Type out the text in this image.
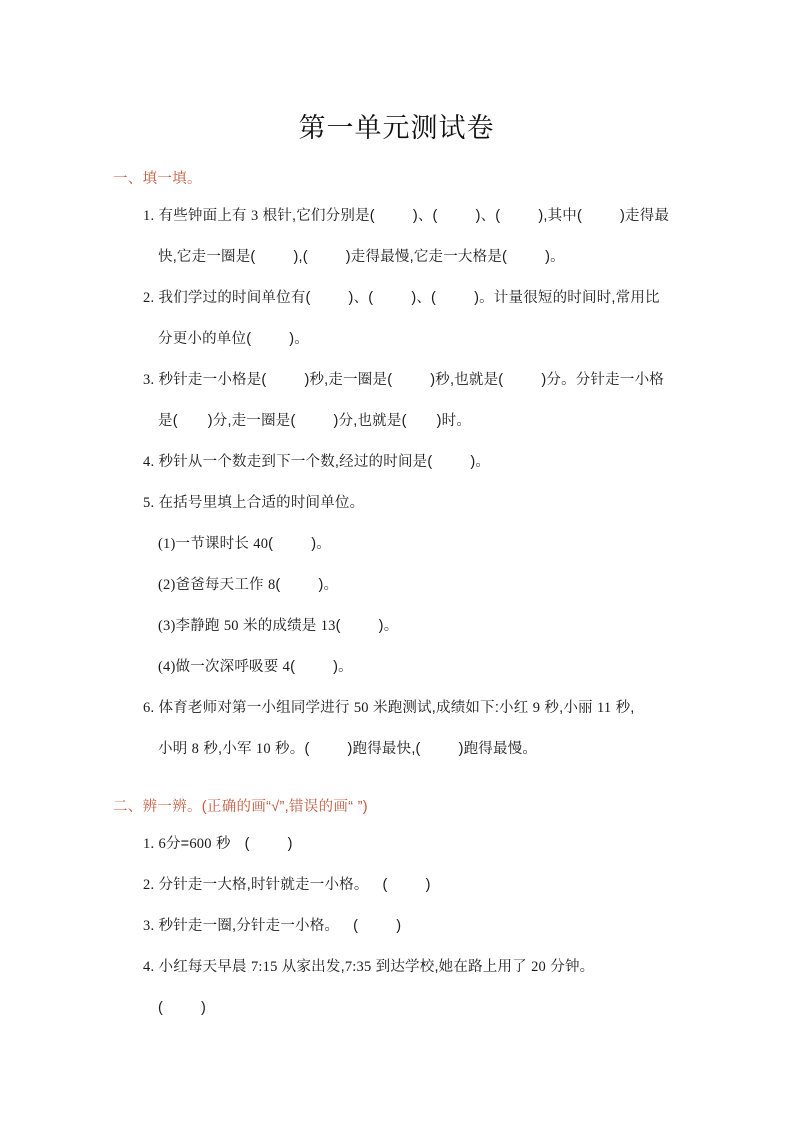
第一单元测试卷

一、填一填。

1. 有些钟面上有 3 根针,它们分别是(	)、(	)、(	),其中(	)走得最
快,它走一圈是(	),(	)走得最慢,它走一大格是(	)。
2. 我们学过的时间单位有(	)、(	)、(	)。计量很短的时间时,常用比
分更小的单位(	)。
3. 秒针走一小格是(	)秒,走一圈是(	)秒,也就是(	)分。分针走一小格
是( )分,走一圈是(	)分,也就是( )时。
4. 秒针从一个数走到下一个数,经过的时间是(	)。
5. 在括号里填上合适的时间单位。
(1)一节课时长 40(	)。
(2)爸爸每天工作 8(	)。
(3)李静跑 50 米的成绩是 13(	)。
(4)做一次深呼吸要 4(	)。
6. 体育老师对第一小组同学进行 50 米跑测试,成绩如下:小红 9 秒,小丽 11 秒,
小明 8 秒,小军 10 秒。(	)跑得最快,(	)跑得最慢。

二、辨一辨。(正确的画“√”,错误的画“ ”)

1. 6分=600 秒 (	)
2. 分针走一大格,时针就走一小格。 (	)
3. 秒针走一圈,分针走一小格。 (	)
4. 小红每天早晨 7:15 从家出发,7:35 到达学校,她在路上用了 20 分钟。
(	)
